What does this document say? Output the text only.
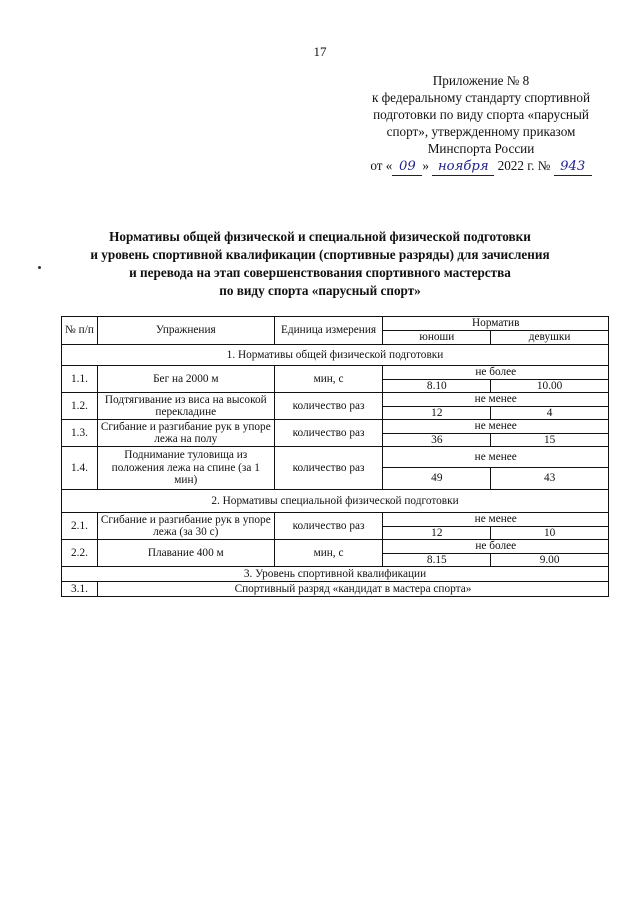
17
Приложение № 8
к федеральному стандарту спортивной
подготовки по виду спорта «парусный
спорт», утвержденному приказом
Минспорта России
от « 09 » ноября 2022 г. № 943
Нормативы общей физической и специальной физической подготовки
и уровень спортивной квалификации (спортивные разряды) для зачисления
и перевода на этап совершенствования спортивного мастерства
по виду спорта «парусный спорт»
№ п/п	Упражнения	Единица измерения	Норматив	
			юноши	девушки
1. Нормативы общей физической подготовки				
1.1.	Бег на 2000 м	мин, с	не более	
			8.10	10.00
1.2.	Подтягивание из виса на высокой перекладине	количество раз	не менее	
			12	4
1.3.	Сгибание и разгибание рук в упоре лежа на полу	количество раз	не менее	
			36	15
1.4.	Поднимание туловища из положения лежа на спине (за 1 мин)	количество раз	не менее	
			49	43
2. Нормативы специальной физической подготовки				
2.1.	Сгибание и разгибание рук в упоре лежа (за 30 с)	количество раз	не менее	
			12	10
2.2.	Плавание 400 м	мин, с	не более	
			8.15	9.00
3. Уровень спортивной квалификации				
3.1.	Спортивный разряд «кандидат в мастера спорта»			
